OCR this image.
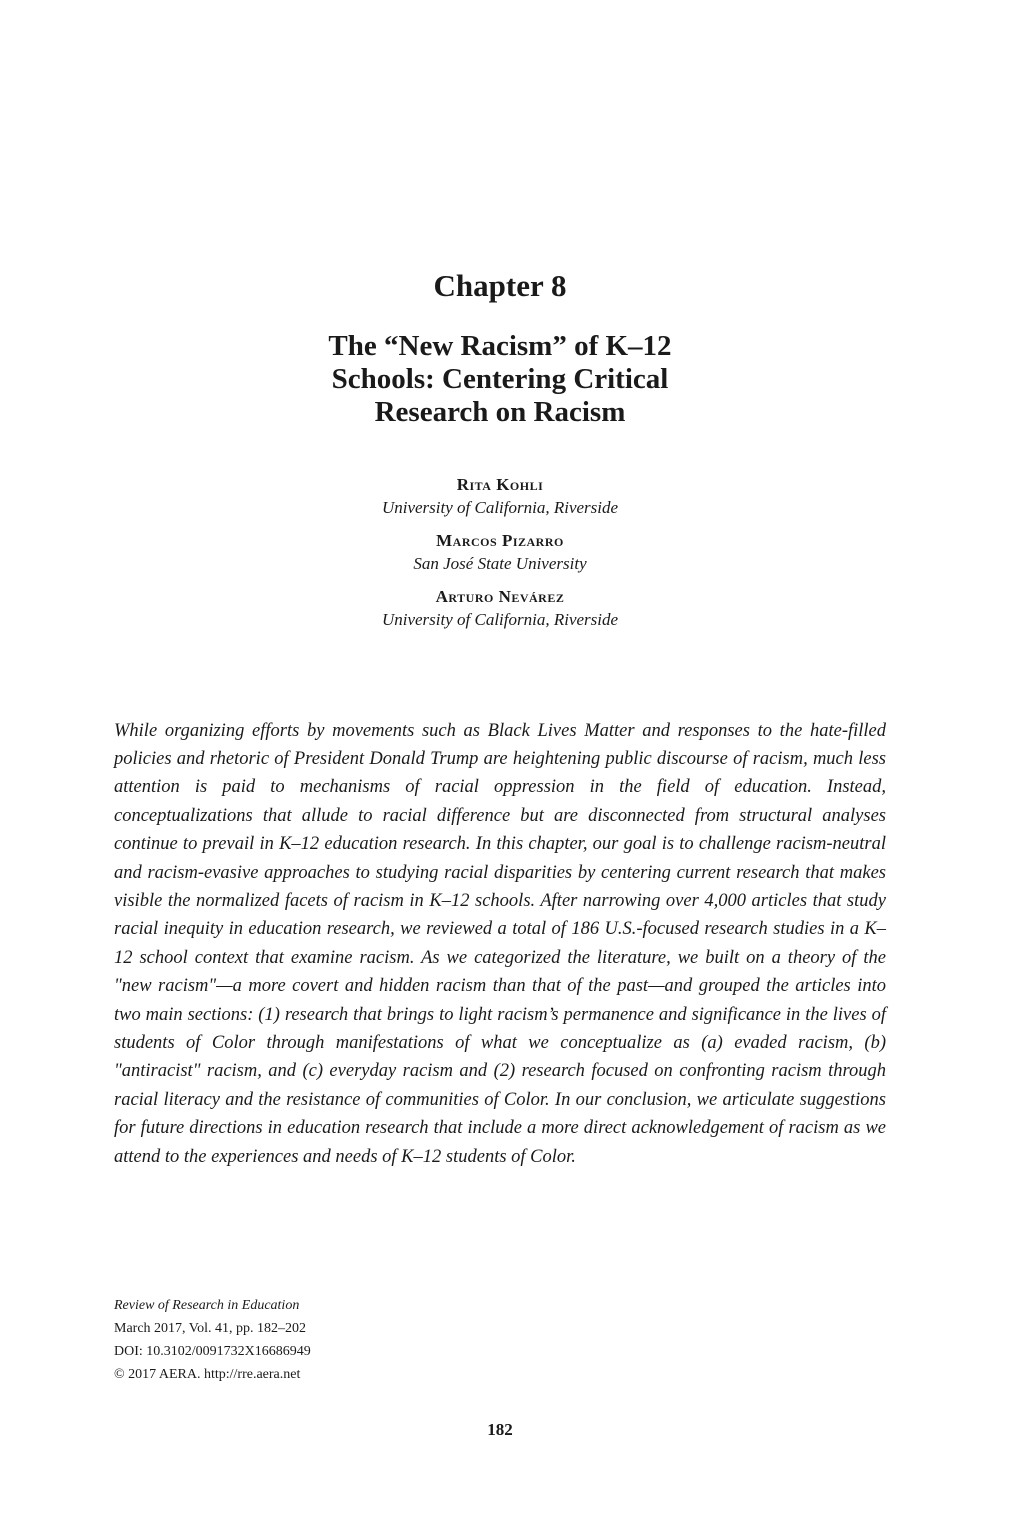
Chapter 8
The “New Racism” of K–12
Schools: Centering Critical
Research on Racism
Rita Kohli
University of California, Riverside
Marcos Pizarro
San José State University
Arturo Nevárez
University of California, Riverside

While organizing efforts by movements such as Black Lives Matter and responses to the hate-filled policies and rhetoric of President Donald Trump are heightening public discourse of racism, much less attention is paid to mechanisms of racial oppression in the field of education. Instead, conceptualizations that allude to racial difference but are disconnected from structural analyses continue to prevail in K–12 education research. In this chapter, our goal is to challenge racism-neutral and racism-evasive approaches to studying racial disparities by centering current research that makes visible the normalized facets of racism in K–12 schools. After narrowing over 4,000 articles that study racial inequity in education research, we reviewed a total of 186 U.S.-focused research studies in a K–12 school context that examine racism. As we categorized the literature, we built on a theory of the "new racism"—a more covert and hidden racism than that of the past—and grouped the articles into two main sections: (1) research that brings to light racism’s permanence and significance in the lives of students of Color through manifestations of what we conceptualize as (a) evaded racism, (b) "antiracist" racism, and (c) everyday racism and (2) research focused on confronting racism through racial literacy and the resistance of communities of Color. In our conclusion, we articulate suggestions for future directions in education research that include a more direct acknowledgement of racism as we attend to the experiences and needs of K–12 students of Color.

Review of Research in Education
March 2017, Vol. 41, pp. 182–202
DOI: 10.3102/0091732X16686949
© 2017 AERA. http://rre.aera.net
182
